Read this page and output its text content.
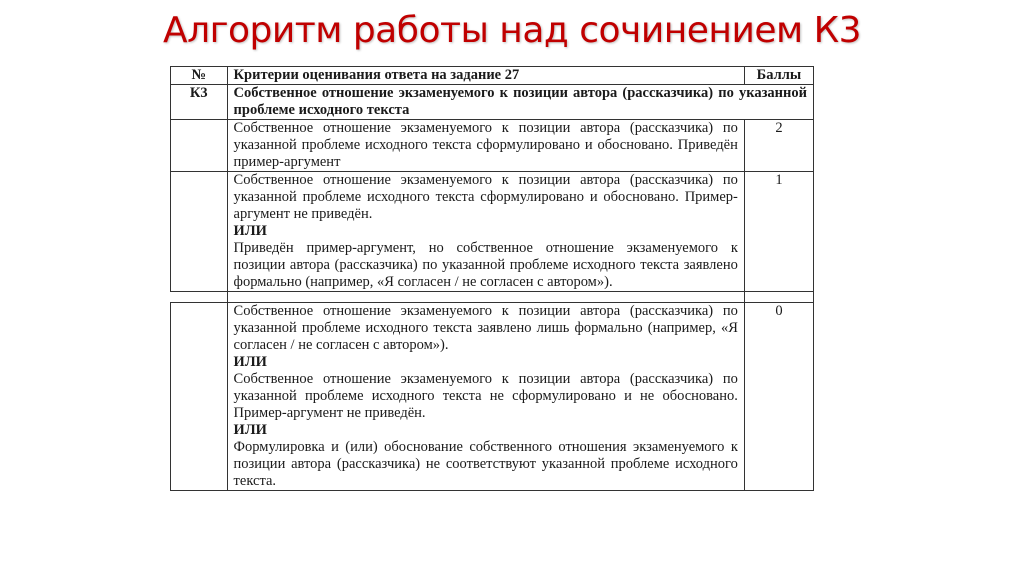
Алгоритм работы над сочинением К3
№	Критерии оценивания ответа на задание 27	Баллы
К3	Собственное отношение экзаменуемого к позиции автора (рассказчика) по указанной проблеме исходного текста	

	Собственное отношение экзаменуемого к позиции автора (рассказчика) по указанной проблеме исходного текста сформулировано и обосновано. Приведён пример-аргумент	2

	Собственное отношение экзаменуемого к позиции автора (рассказчика) по указанной проблеме исходного текста сформулировано и обосновано. Пример-аргумент не приведён.

ИЛИ

Приведён пример-аргумент, но собственное отношение экзаменуемого к позиции автора (рассказчика) по указанной проблеме исходного текста заявлено формально (например, «Я согласен / не согласен с автором»).	1

	Собственное отношение экзаменуемого к позиции автора (рассказчика) по указанной проблеме исходного текста заявлено лишь формально (например, «Я согласен / не согласен с автором»).

ИЛИ

Собственное отношение экзаменуемого к позиции автора (рассказчика) по указанной проблеме исходного текста не сформулировано и не обосновано. Пример-аргумент не приведён.

ИЛИ

Формулировка и (или) обоснование собственного отношения экзаменуемого к позиции автора (рассказчика) не соответствуют указанной проблеме исходного текста.	0
